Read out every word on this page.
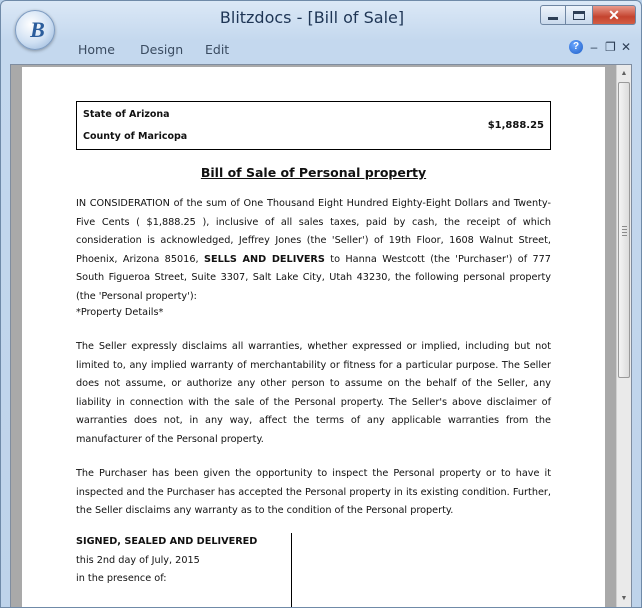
Blitzdocs - [Bill of Sale]	✕
B
Home Design Edit	? ‒ ❐ ✕
State of Arizona
County of Maricopa
$1,888.25
Bill of Sale of Personal property
IN CONSIDERATION of the sum of One Thousand Eight Hundred Eighty-Eight Dollars and Twenty-Five Cents ( $1,888.25 ), inclusive of all sales taxes, paid by cash, the receipt of which consideration is acknowledged, Jeffrey Jones (the 'Seller') of 19th Floor, 1608 Walnut Street, Phoenix, Arizona 85016, SELLS AND DELIVERS to Hanna Westcott (the 'Purchaser') of 777 South Figueroa Street, Suite 3307, Salt Lake City, Utah 43230, the following personal property (the 'Personal property'):
*Property Details*
The Seller expressly disclaims all warranties, whether expressed or implied, including but not limited to, any implied warranty of merchantability or fitness for a particular purpose. The Seller does not assume, or authorize any other person to assume on the behalf of the Seller, any liability in connection with the sale of the Personal property. The Seller's above disclaimer of warranties does not, in any way, affect the terms of any applicable warranties from the manufacturer of the Personal property.
The Purchaser has been given the opportunity to inspect the Personal property or to have it inspected and the Purchaser has accepted the Personal property in its existing condition. Further, the Seller disclaims any warranty as to the condition of the Personal property.
SIGNED, SEALED AND DELIVERED
this 2nd day of July, 2015
in the presence of:
▲
▼
